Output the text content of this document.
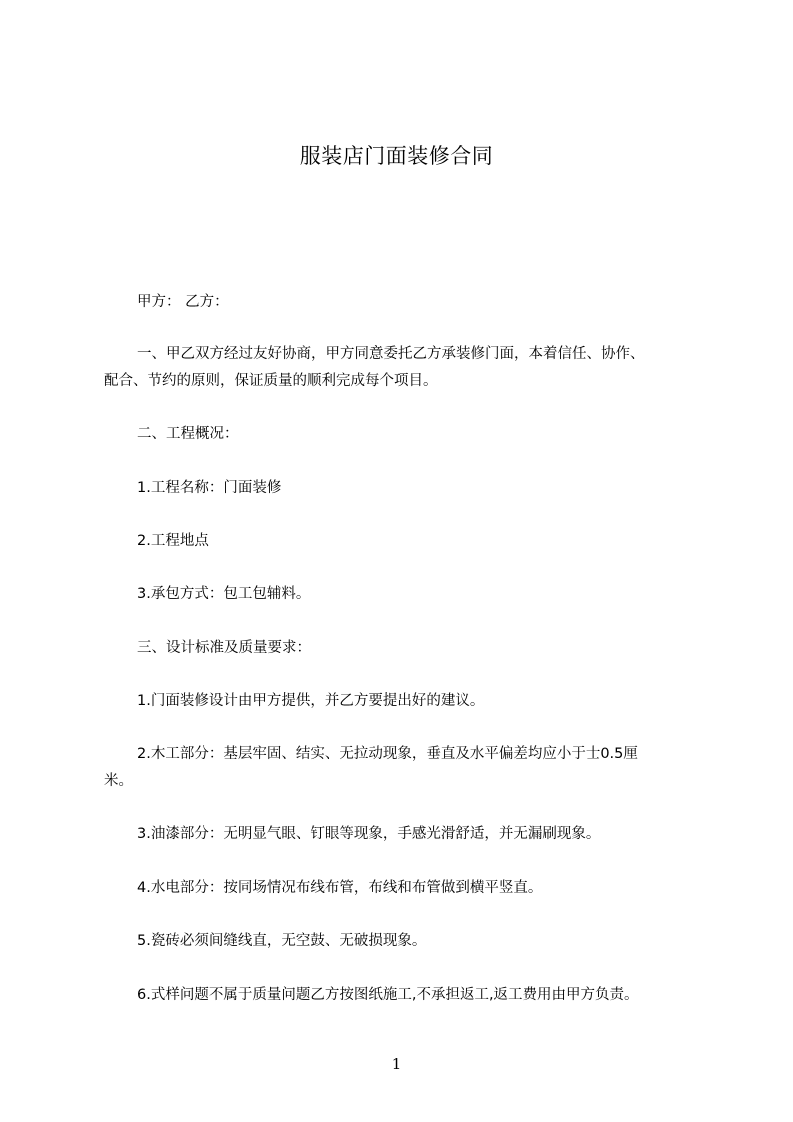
服装店门面装修合同
甲方： 乙方：
一、甲乙双方经过友好协商，甲方同意委托乙方承装修门面，本着信任、协作、
配合、节约的原则，保证质量的顺利完成每个项目。
二、工程概况：
1.工程名称：门面装修
2.工程地点
3.承包方式：包工包辅料。
三、设计标准及质量要求：
1.门面装修设计由甲方提供，并乙方要提出好的建议。
2.木工部分：基层牢固、结实、无拉动现象，垂直及水平偏差均应小于士0.5厘
米。
3.油漆部分：无明显气眼、钉眼等现象，手感光滑舒适，并无漏刷现象。
4.水电部分：按同场情况布线布管，布线和布管做到横平竖直。
5.瓷砖必须间缝线直，无空鼓、无破损现象。
6.式样问题不属于质量问题乙方按图纸施工,不承担返工,返工费用由甲方负责。
1
